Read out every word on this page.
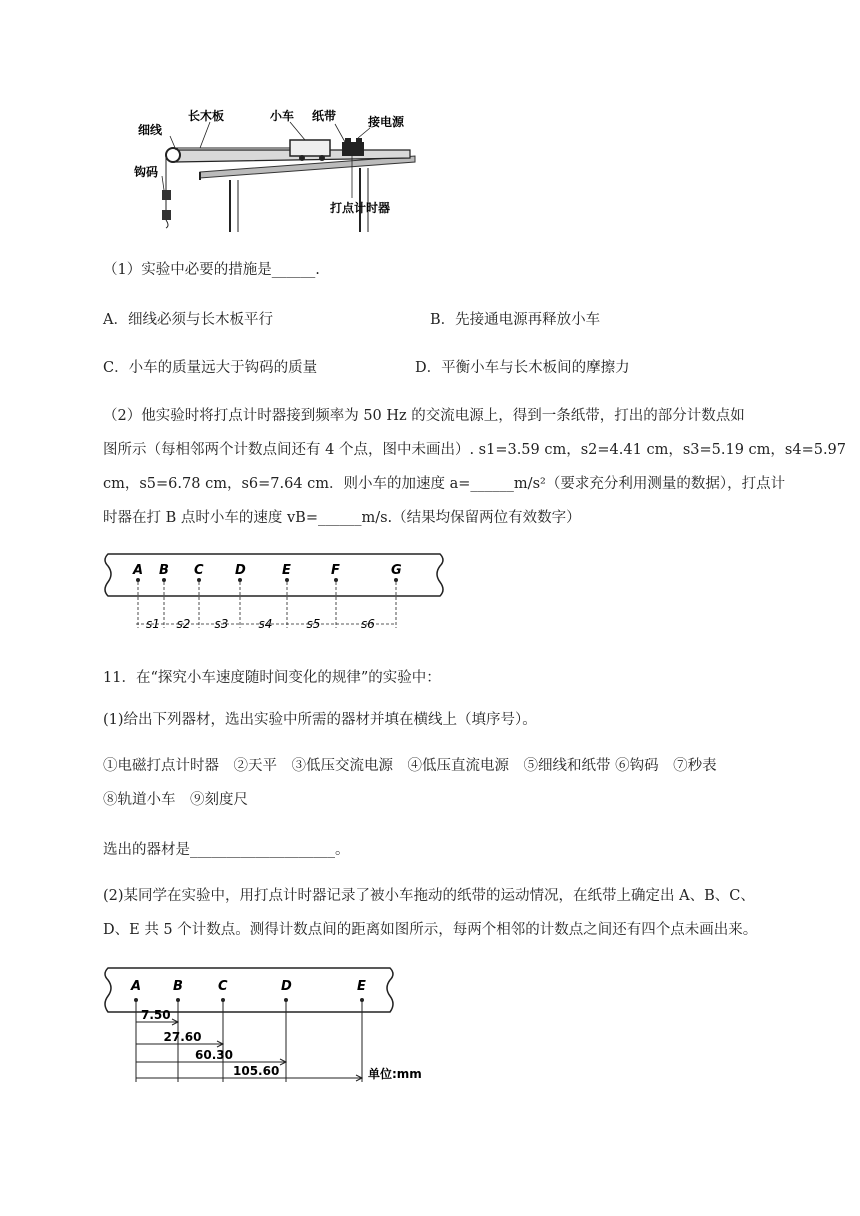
细线
长木板	小车 纸带	接电源
钩码
打点计时器
（1）实验中必要的措施是______.
A．细线必须与长木板平行	B．先接通电源再释放小车
C．小车的质量远大于钩码的质量	D．平衡小车与长木板间的摩擦力
（2）他实验时将打点计时器接到频率为 50 Hz 的交流电源上，得到一条纸带，打出的部分计数点如
图所示（每相邻两个计数点间还有 4 个点，图中未画出）. s1=3.59 cm，s2=4.41 cm，s3=5.19 cm，s4=5.97
cm，s5=6.78 cm，s6=7.64 cm．则小车的加速度 a=______m/s²（要求充分利用测量的数据），打点计
时器在打 B 点时小车的速度 vB=______m/s.（结果均保留两位有效数字）
A B C D	E	F	G
s1 s2 s3	s4	s5	s6
11．在“探究小车速度随时间变化的规律”的实验中：
(1)给出下列器材，选出实验中所需的器材并填在横线上（填序号）。
①电磁打点计时器　②天平　③低压交流电源　④低压直流电源　⑤细线和纸带 ⑥钩码　⑦秒表
⑧轨道小车　⑨刻度尺
选出的器材是____________________。
(2)某同学在实验中，用打点计时器记录了被小车拖动的纸带的运动情况，在纸带上确定出 A、B、C、
D、E 共 5 个计数点。测得计数点间的距离如图所示，每两个相邻的计数点之间还有四个点未画出来。
A B	C	D	E
7.50
27.60
60.30
105.60	单位:mm
